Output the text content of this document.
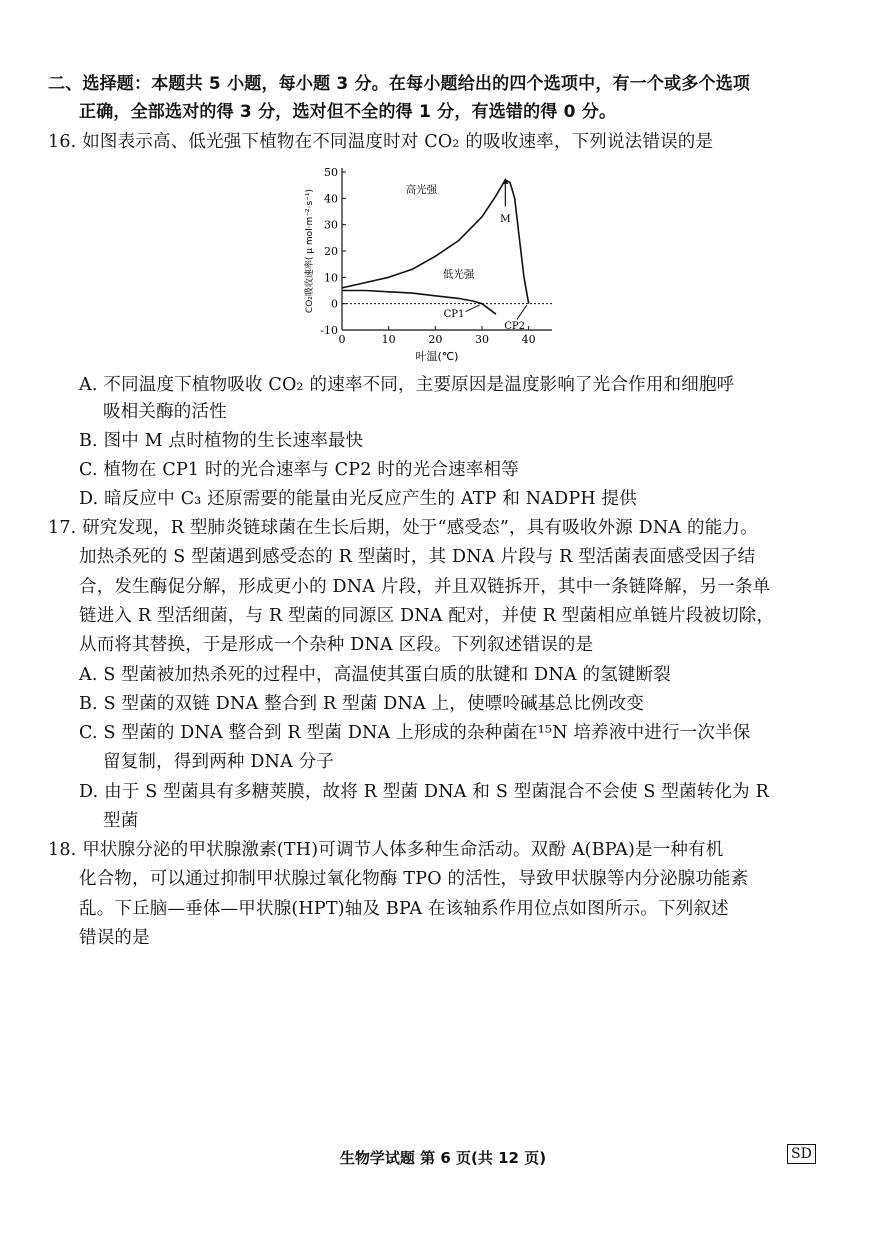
二、选择题：本题共 5 小题，每小题 3 分。在每小题给出的四个选项中，有一个或多个选项
正确，全部选对的得 3 分，选对但不全的得 1 分，有选错的得 0 分。
16. 如图表示高、低光强下植物在不同温度时对 CO₂ 的吸收速率，下列说法错误的是
0	10	20	30	40
-10
0
10
20
30
40
50
叶温(℃)
CO₂吸收速率( μ mol·m⁻²·s⁻¹)	高光强
低光强
M
CP1
CP2
A. 不同温度下植物吸收 CO₂ 的速率不同，主要原因是温度影响了光合作用和细胞呼
吸相关酶的活性
B. 图中 M 点时植物的生长速率最快
C. 植物在 CP1 时的光合速率与 CP2 时的光合速率相等
D. 暗反应中 C₃ 还原需要的能量由光反应产生的 ATP 和 NADPH 提供
17. 研究发现，R 型肺炎链球菌在生长后期，处于“感受态”，具有吸收外源 DNA 的能力。
加热杀死的 S 型菌遇到感受态的 R 型菌时，其 DNA 片段与 R 型活菌表面感受因子结
合，发生酶促分解，形成更小的 DNA 片段，并且双链拆开，其中一条链降解，另一条单
链进入 R 型活细菌，与 R 型菌的同源区 DNA 配对，并使 R 型菌相应单链片段被切除，
从而将其替换，于是形成一个杂种 DNA 区段。下列叙述错误的是
A. S 型菌被加热杀死的过程中，高温使其蛋白质的肽键和 DNA 的氢键断裂
B. S 型菌的双链 DNA 整合到 R 型菌 DNA 上，使嘌呤碱基总比例改变
C. S 型菌的 DNA 整合到 R 型菌 DNA 上形成的杂种菌在¹⁵N 培养液中进行一次半保
留复制，得到两种 DNA 分子
D. 由于 S 型菌具有多糖荚膜，故将 R 型菌 DNA 和 S 型菌混合不会使 S 型菌转化为 R
型菌
18. 甲状腺分泌的甲状腺激素(TH)可调节人体多种生命活动。双酚 A(BPA)是一种有机
化合物，可以通过抑制甲状腺过氧化物酶 TPO 的活性，导致甲状腺等内分泌腺功能紊
乱。下丘脑—垂体—甲状腺(HPT)轴及 BPA 在该轴系作用位点如图所示。下列叙述
错误的是
生物学试题 第 6 页(共 12 页)	SD
